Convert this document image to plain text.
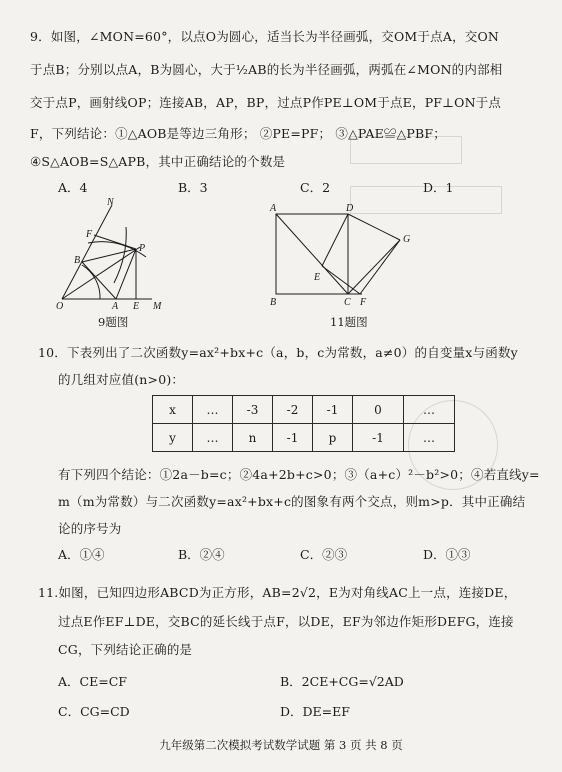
9．如图，∠MON=60°，以点O为圆心，适当长为半径画弧，交OM于点A，交ON
于点B；分别以点A，B为圆心，大于½AB的长为半径画弧，两弧在∠MON的内部相
交于点P，画射线OP；连接AB，AP，BP，过点P作PE⊥OM于点E，PF⊥ON于点
F，下列结论：①△AOB是等边三角形； ②PE=PF； ③△PAE≌△PBF；
④S△AOB=S△APB，其中正确结论的个数是
A．4	B．3	C．2	D．1
N
F
B
P
O	A E M
9题图
A	D
G
E
B	C F
11题图
10．下表列出了二次函数y=ax²+bx+c（a，b，c为常数，a≠0）的自变量x与函数y
的几组对应值(n>0)：
x	…	-3	-2	-1	0	…
y	…	n	-1	p	-1	…
有下列四个结论：①2a－b=c；②4a+2b+c>0；③（a+c）²－b²>0；④若直线y=
m（m为常数）与二次函数y=ax²+bx+c的图象有两个交点，则m>p．其中正确结
论的序号为
A．①④	B．②④	C．②③	D．①③
11.如图，已知四边形ABCD为正方形，AB=2√2，E为对角线AC上一点，连接DE，
过点E作EF⊥DE，交BC的延长线于点F，以DE，EF为邻边作矩形DEFG，连接
CG，下列结论正确的是
A．CE=CF	B．2CE+CG=√2AD
C．CG=CD	D．DE=EF
九年级第二次模拟考试数学试题 第 3 页 共 8 页
